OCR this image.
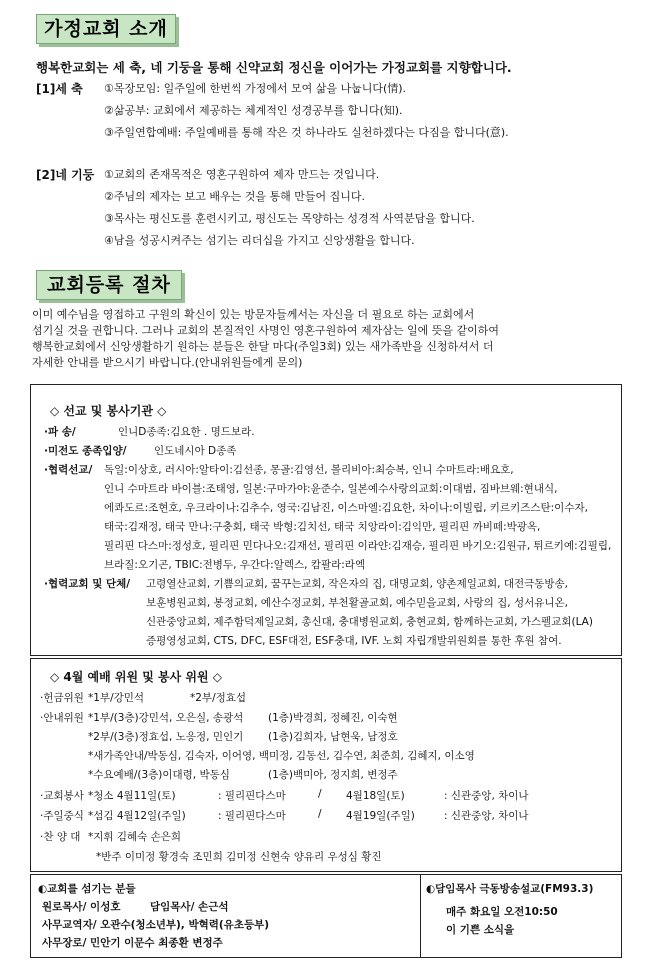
가정교회 소개
행복한교회는 세 축, 네 기둥을 통해 신약교회 정신을 이어가는 가정교회를 지향합니다.
[1]세 축 ①목장모임: 일주일에 한번씩 가정에서 모여 삶을 나눕니다(情).
②삶공부: 교회에서 제공하는 체계적인 성경공부를 합니다(知).
③주일연합예배: 주일예배를 통해 작은 것 하나라도 실천하겠다는 다짐을 합니다(意).
[2]네 기둥 ①교회의 존재목적은 영혼구원하여 제자 만드는 것입니다.
②주님의 제자는 보고 배우는 것을 통해 만들어 집니다.
③목사는 평신도를 훈련시키고, 평신도는 목양하는 성경적 사역분담을 합니다.
④남을 성공시켜주는 섬기는 리더십을 가지고 신앙생활을 합니다.
교회등록 절차
이미 예수님을 영접하고 구원의 확신이 있는 방문자들께서는 자신을 더 필요로 하는 교회에서
섬기실 것을 권합니다. 그러나 교회의 본질적인 사명인 영혼구원하여 제자삼는 일에 뜻을 같이하여
행복한교회에서 신앙생활하기 원하는 분들은 한달 마다(주일3회) 있는 새가족반을 신청하셔서 더
자세한 안내를 받으시기 바랍니다.(안내위원들에게 문의)
◇ 선교 및 봉사기관 ◇
·파 송/	인니D종족:김요한 . 명드보라.
·미전도 종족입양/	인도네시아 D종족
·협력선교/ 독일:이상호, 러시아:알타이:김선종, 몽골:김영선, 볼리비아:최승복, 인니 수마트라:배요호,
인니 수마트라 바이블:조태영, 일본:구마가야:윤준수, 일본예수사랑의교회:이대범, 짐바브웨:현내식,
에콰도르:조현호, 우크라이나:김추수, 영국:김남진, 이스마엘:김요한, 차이나:이빌립, 키르키즈스탄:이수자,
태국:김재정, 태국 만나:구충회, 태국 박형:김치선, 태국 치앙라이:김익만, 필리핀 까비떼:박광옥,
필리핀 다스마:정성호, 필리핀 민다나오:김재선, 필리핀 이라얀:김재승, 필리핀 바기오:김원규, 튀르키예:김필립,
브라질:오기곤, TBIC:전병두, 우간다:알렉스, 캄팔라:라엑
·협력교회 및 단체/ 고령열산교회, 기쁨의교회, 꿈꾸는교회, 작은자의 집, 대명교회, 양촌제일교회, 대전극동방송,
보훈병원교회, 봉정교회, 예산수정교회, 부천활골교회, 예수믿을교회, 사랑의 집, 성서유니온,
신관중앙교회, 제주함덕제일교회, 총신대, 충대병원교회, 충현교회, 함께하는교회, 가스펠교회(LA)
증평영성교회, CTS, DFC, ESF대전, ESF충대, IVF. 노회 자립개발위원회를 통한 후원 참여.
◇ 4월 예배 위원 및 봉사 위원 ◇
·헌금위원 *1부/강민석	*2부/정효섭
·안내위원 *1부/(3층)강민석, 오은실, 송광석 (1층)박경희, 정혜진, 이숙현
*2부/(3층)정효섭, 노응정, 민인기 (1층)김희자, 남현욱, 남정호
*새가족안내/박동심, 김숙자, 이어영, 백미정, 김동선, 김수연, 최준희, 김혜지, 이소영
*수요예배/(3층)이대령, 박동심	(1층)백미아, 정지희, 변정주
·교회봉사 *청소 4월11일(토)	: 필리핀다스마	/ 4월18일(토)	: 신관중앙, 차이나
·주일중식 *섬김 4월12일(주일)	: 필리핀다스마	/ 4월19일(주일)	: 신관중앙, 차이나
·찬 양 대 *지휘 김혜숙 손은희
*반주 이미정 황경숙 조민희 김미정 신현숙 양유리 우성심 황진
◐교회를 섬기는 분들
원로목사/ 이성호	담임목사/ 손근석
사무교역자/ 오관수(청소년부), 박혁력(유초등부)
사무장로/ 민안기 이문수 최종환 변정주
◐담임목사 극동방송설교(FM93.3)
매주 화요일 오전10:50
이 기쁜 소식을
